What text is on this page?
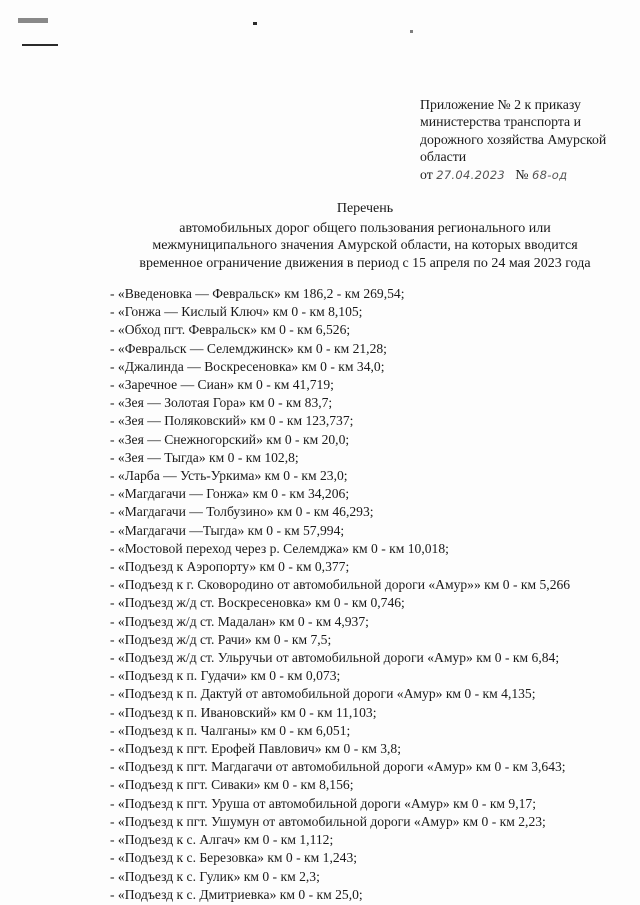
Приложение № 2 к приказу
министерства транспорта и
дорожного хозяйства Амурской
области
от 27.04.2023 № 68-од
Перечень
автомобильных дорог общего пользования регионального или
межмуниципального значения Амурской области, на которых вводится
временное ограничение движения в период с 15 апреля по 24 мая 2023 года
- «Введеновка — Февральск» км 186,2 - км 269,54;
- «Гонжа — Кислый Ключ» км 0 - км 8,105;
- «Обход пгт. Февральск» км 0 - км 6,526;
- «Февральск — Селемджинск» км 0 - км 21,28;
- «Джалинда — Воскресеновка» км 0 - км 34,0;
- «Заречное — Сиан» км 0 - км 41,719;
- «Зея — Золотая Гора» км 0 - км 83,7;
- «Зея — Поляковский» км 0 - км 123,737;
- «Зея — Снежногорский» км 0 - км 20,0;
- «Зея — Тыгда» км 0 - км 102,8;
- «Ларба — Усть-Уркима» км 0 - км 23,0;
- «Магдагачи — Гонжа» км 0 - км 34,206;
- «Магдагачи — Толбузино» км 0 - км 46,293;
- «Магдагачи —Тыгда» км 0 - км 57,994;
- «Мостовой переход через р. Селемджа» км 0 - км 10,018;
- «Подъезд к Аэропорту» км 0 - км 0,377;
- «Подъезд к г. Сковородино от автомобильной дороги «Амур»» км 0 - км 5,266
- «Подъезд ж/д ст. Воскресеновка» км 0 - км 0,746;
- «Подъезд ж/д ст. Мадалан» км 0 - км 4,937;
- «Подъезд ж/д ст. Рачи» км 0 - км 7,5;
- «Подъезд ж/д ст. Ульручьи от автомобильной дороги «Амур» км 0 - км 6,84;
- «Подъезд к п. Гудачи» км 0 - км 0,073;
- «Подъезд к п. Дактуй от автомобильной дороги «Амур» км 0 - км 4,135;
- «Подъезд к п. Ивановский» км 0 - км 11,103;
- «Подъезд к п. Чалганы» км 0 - км 6,051;
- «Подъезд к пгт. Ерофей Павлович» км 0 - км 3,8;
- «Подъезд к пгт. Магдагачи от автомобильной дороги «Амур» км 0 - км 3,643;
- «Подъезд к пгт. Сиваки» км 0 - км 8,156;
- «Подъезд к пгт. Уруша от автомобильной дороги «Амур» км 0 - км 9,17;
- «Подъезд к пгт. Ушумун от автомобильной дороги «Амур» км 0 - км 2,23;
- «Подъезд к с. Алгач» км 0 - км 1,112;
- «Подъезд к с. Березовка» км 0 - км 1,243;
- «Подъезд к с. Гулик» км 0 - км 2,3;
- «Подъезд к с. Дмитриевка» км 0 - км 25,0;
